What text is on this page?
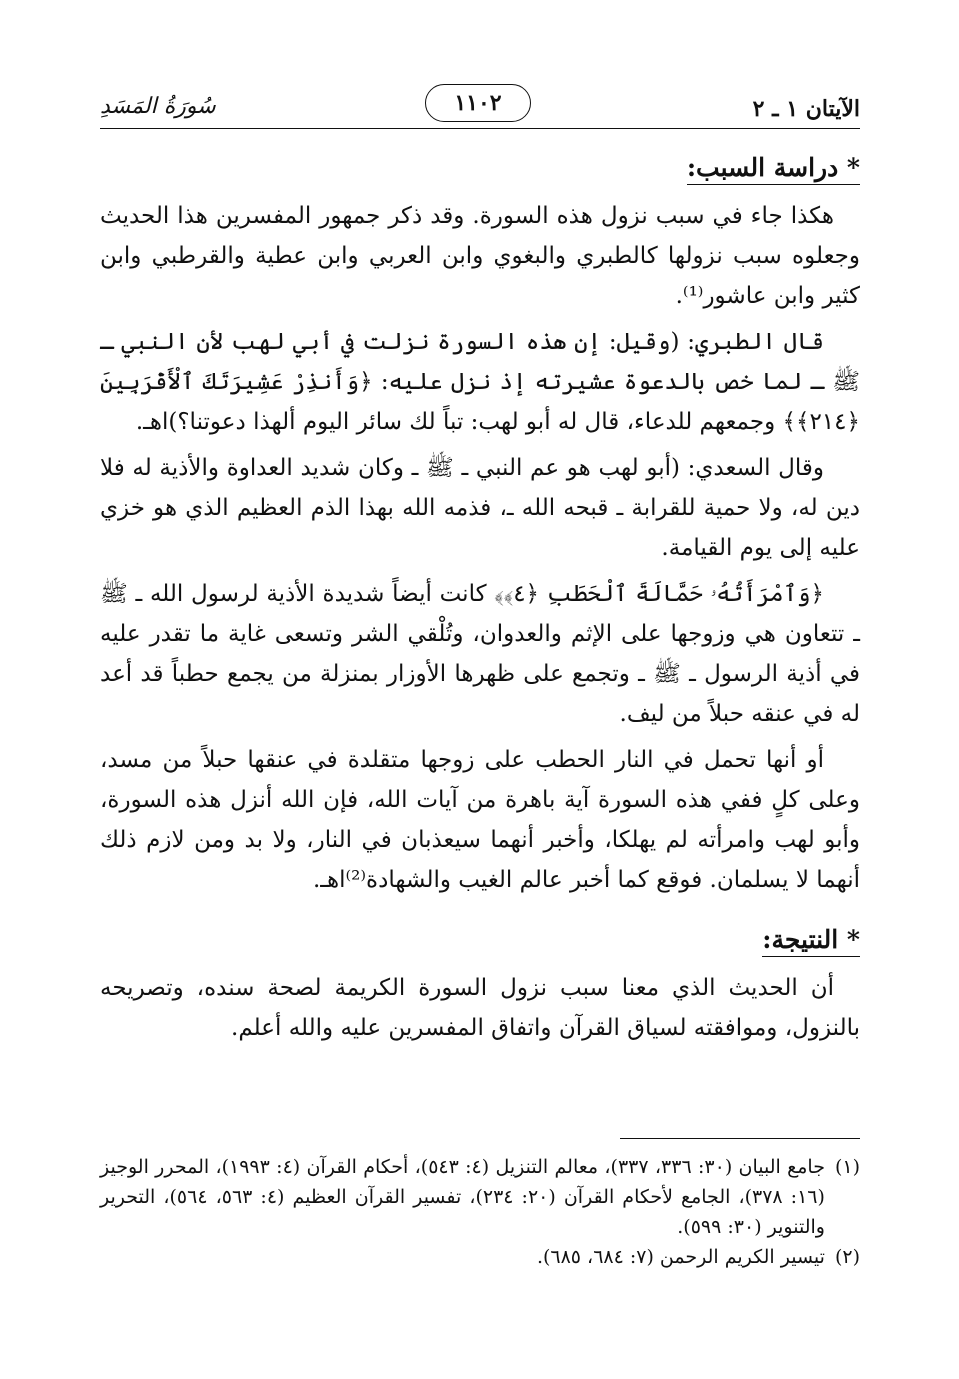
الآيتان ١ ـ ٢
١١٠٢
سُورَةُ المَسَدِ
* دراسة السبب:

هكذا جاء في سبب نزول هذه السورة. وقد ذكر جمهور المفسرين هذا الحديث وجعلوه سبب نزولها كالطبري والبغوي وابن العربي وابن عطية والقرطبي وابن كثير وابن عاشور⁽¹⁾.

قال الطبري: (وقيل: إن هذه السورة نزلت في أبي لهب لأن النبي ـ ﷺ ـ لما خص بالدعوة عشيرته إذ نزل عليه: ﴿وَأَنذِرْ عَشِيرَتَكَ ٱلْأَقْرَبِينَ ﴿٢١٤﴾﴾ وجمعهم للدعاء، قال له أبو لهب: تباً لك سائر اليوم ألهذا دعوتنا؟)اهـ.

وقال السعدي: (أبو لهب هو عم النبي ـ ﷺ ـ وكان شديد العداوة والأذية له فلا دين له، ولا حمية للقرابة ـ قبحه الله ـ، فذمه الله بهذا الذم العظيم الذي هو خزي عليه إلى يوم القيامة.

﴿وَٱمْرَأَتُهُۥ حَمَّالَةَ ٱلْحَطَبِ ﴿٤﴾﴾ كانت أيضاً شديدة الأذية لرسول الله ـ ﷺ ـ تتعاون هي وزوجها على الإثم والعدوان، وتُلْقي الشر وتسعى غاية ما تقدر عليه في أذية الرسول ـ ﷺ ـ وتجمع على ظهرها الأوزار بمنزلة من يجمع حطباً قد أعد له في عنقه حبلاً من ليف.

أو أنها تحمل في النار الحطب على زوجها متقلدة في عنقها حبلاً من مسد، وعلى كلٍ ففي هذه السورة آية باهرة من آيات الله، فإن الله أنزل هذه السورة، وأبو لهب وامرأته لم يهلكا، وأخبر أنهما سيعذبان في النار، ولا بد ومن لازم ذلك أنهما لا يسلمان. فوقع كما أخبر عالم الغيب والشهادة⁽²⁾اهـ.

* النتيجة:

أن الحديث الذي معنا سبب نزول السورة الكريمة لصحة سنده، وتصريحه بالنزول، وموافقته لسياق القرآن واتفاق المفسرين عليه والله أعلم.

(١)
جامع البيان (٣٠: ٣٣٦، ٣٣٧)، معالم التنزيل (٤: ٥٤٣)، أحكام القرآن (٤: ١٩٩٣)، المحرر الوجيز (١٦: ٣٧٨)، الجامع لأحكام القرآن (٢٠: ٢٣٤)، تفسير القرآن العظيم (٤: ٥٦٣، ٥٦٤)، التحرير والتنوير (٣٠: ٥٩٩).
(٢)
تيسير الكريم الرحمن (٧: ٦٨٤، ٦٨٥).
